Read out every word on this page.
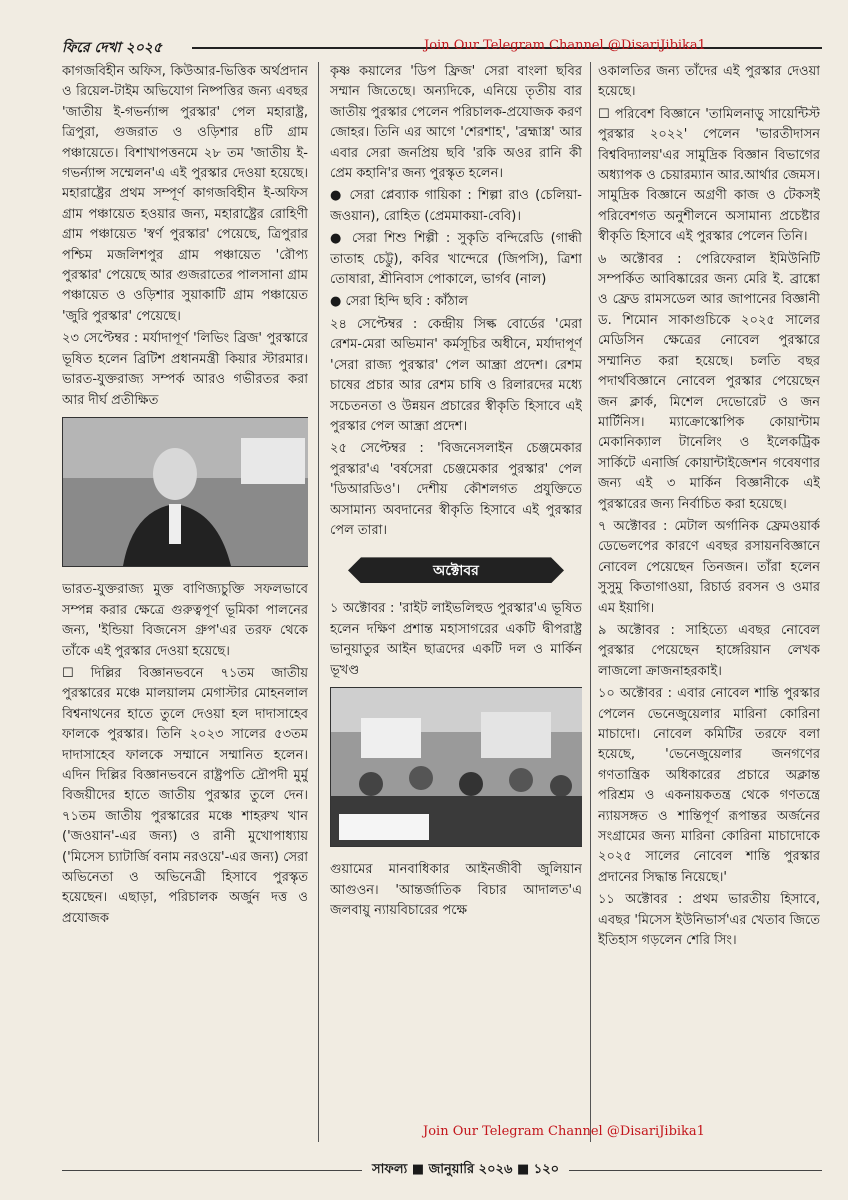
ফিরে দেখা ২০২৫	Join Our Telegram Channel @DisariJibika1

কাগজবিহীন অফিস, কিউআর-ভিত্তিক অর্থপ্রদান ও রিয়েল-টাইম অভিযোগ নিষ্পত্তির জন্য এবছর 'জাতীয় ই-গভর্ন্যান্স পুরস্কার' পেল মহারাষ্ট্র, ত্রিপুরা, গুজরাত ও ওড়িশার ৪টি গ্রাম পঞ্চায়েতে। বিশাখাপত্তনমে ২৮ তম 'জাতীয় ই-গভর্ন্যান্স সম্মেলন'এ এই পুরস্কার দেওয়া হয়েছে। মহারাষ্ট্রের প্রথম সম্পূর্ণ কাগজবিহীন ই-অফিস গ্রাম পঞ্চায়েত হওয়ার জন্য, মহারাষ্ট্রের রোহিণী গ্রাম পঞ্চায়েত 'স্বর্ণ পুরস্কার' পেয়েছে, ত্রিপুরার পশ্চিম মজলিশপুর গ্রাম পঞ্চায়েত 'রৌপ্য পুরস্কার' পেয়েছে আর গুজরাতের পালসানা গ্রাম পঞ্চায়েত ও ওড়িশার সুয়াকাটি গ্রাম পঞ্চায়েত 'জুরি পুরস্কার' পেয়েছে।

২৩ সেপ্টেম্বর : মর্যাদাপূর্ণ 'লিভিং ব্রিজ' পুরস্কারে ভূষিত হলেন ব্রিটিশ প্রধানমন্ত্রী কিয়ার স্টারমার। ভারত-যুক্তরাজ্য সম্পর্ক আরও গভীরতর করা আর দীর্ঘ প্রতীক্ষিত

ভারত-যুক্তরাজ্য মুক্ত বাণিজ্যচুক্তি সফলভাবে সম্পন্ন করার ক্ষেত্রে গুরুত্বপূর্ণ ভূমিকা পালনের জন্য, 'ইন্ডিয়া বিজনেস গ্রুপ'এর তরফ থেকে তাঁকে এই পুরস্কার দেওয়া হয়েছে।

☐ দিল্লির বিজ্ঞানভবনে ৭১তম জাতীয় পুরস্কারের মঞ্চে মালয়ালম মেগাস্টার মোহনলাল বিশ্বনাথনের হাতে তুলে দেওয়া হল দাদাসাহেব ফালকে পুরস্কার। তিনি ২০২৩ সালের ৫৩তম দাদাসাহেব ফালকে সম্মানে সম্মানিত হলেন। এদিন দিল্লির বিজ্ঞানভবনে রাষ্ট্রপতি দ্রৌপদী মুর্মু বিজয়ীদের হাতে জাতীয় পুরস্কার তুলে দেন। ৭১তম জাতীয় পুরস্কারের মঞ্চে শাহরুখ খান ('জওয়ান'-এর জন্য) ও রানী মুখোপাধ্যায় ('মিসেস চ্যাটার্জি বনাম নরওয়ে'-এর জন্য) সেরা অভিনেতা ও অভিনেত্রী হিসাবে পুরস্কৃত হয়েছেন। এছাড়া, পরিচালক অর্জুন দত্ত ও প্রযোজক

কৃষ্ণ কয়ালের 'ডিপ ফ্রিজ' সেরা বাংলা ছবির সম্মান জিতেছে। অন্যদিকে, এনিয়ে তৃতীয় বার জাতীয় পুরস্কার পেলেন পরিচালক-প্রযোজক করণ জোহর। তিনি এর আগে 'শেরশাহ', 'ব্রহ্মাস্ত্র' আর এবার সেরা জনপ্রিয় ছবি 'রকি অওর রানি কী প্রেম কহানি'র জন্য পুরস্কৃত হলেন।

● সেরা প্লেব্যাক গায়িকা : শিল্পা রাও (চেলিয়া-জওয়ান), রোহিত (প্রেমমাকয়া-বেবি)।

● সেরা শিশু শিল্পী : সুকৃতি বন্দিরেডি (গান্ধী তাতাহ চেট্টু), কবির খান্দেরে (জিপসি), ত্রিশা তোষারা, শ্রীনিবাস পোকালে, ভার্গব (নাল)

● সেরা হিন্দি ছবি : কাঁঠাল

২৪ সেপ্টেম্বর : কেন্দ্রীয় সিল্ক বোর্ডের 'মেরা রেশম-মেরা অভিমান' কর্মসূচির অধীনে, মর্যাদাপূর্ণ 'সেরা রাজ্য পুরস্কার' পেল আন্ধ্রা প্রদেশ। রেশম চাষের প্রচার আর রেশম চাষি ও রিলারদের মধ্যে সচেতনতা ও উন্নয়ন প্রচারের স্বীকৃতি হিসাবে এই পুরস্কার পেল আন্ধ্রা প্রদেশ।

২৫ সেপ্টেম্বর : 'বিজনেসলাইন চেঞ্জমেকার পুরস্কার'এ 'বর্ষসেরা চেঞ্জমেকার পুরস্কার' পেল 'ডিআরডিও'। দেশীয় কৌশলগত প্রযুক্তিতে অসামান্য অবদানের স্বীকৃতি হিসাবে এই পুরস্কার পেল তারা।

অক্টোবর

১ অক্টোবর : 'রাইট লাইভলিহুড পুরস্কার'এ ভূষিত হলেন দক্ষিণ প্রশান্ত মহাসাগরের একটি দ্বীপরাষ্ট্র ভানুয়াতুর আইন ছাত্রদের একটি দল ও মার্কিন ভূখণ্ড

গুয়ামের মানবাধিকার আইনজীবী জুলিয়ান আগুওন। 'আন্তর্জাতিক বিচার আদালত'এ জলবায়ু ন্যায়বিচারের পক্ষে

ওকালতির জন্য তাঁদের এই পুরস্কার দেওয়া হয়েছে।

☐ পরিবেশ বিজ্ঞানে 'তামিলনাড়ু সায়েন্টিস্ট পুরস্কার ২০২২' পেলেন 'ভারতীদাসন বিশ্ববিদ্যালয়'এর সামুদ্রিক বিজ্ঞান বিভাগের অধ্যাপক ও চেয়ারম্যান আর.আর্থার জেমস। সামুদ্রিক বিজ্ঞানে অগ্রণী কাজ ও টেকসই পরিবেশগত অনুশীলনে অসামান্য প্রচেষ্টার স্বীকৃতি হিসাবে এই পুরস্কার পেলেন তিনি।

৬ অক্টোবর : পেরিফেরাল ইমিউনিটি সম্পর্কিত আবিষ্কারের জন্য মেরি ই. ব্রাঙ্কো ও ফ্রেড রামসডেল আর জাপানের বিজ্ঞানী ড. শিমোন সাকাগুচিকে ২০২৫ সালের মেডিসিন ক্ষেত্রের নোবেল পুরস্কারে সম্মানিত করা হয়েছে। চলতি বছর পদার্থবিজ্ঞানে নোবেল পুরস্কার পেয়েছেন জন ক্লার্ক, মিশেল দেভোরেট ও জন মার্টিনিস। ম্যাক্রোস্কোপিক কোয়ান্টাম মেকানিক্যাল টানেলিং ও ইলেকট্রিক সার্কিটে এনার্জি কোয়ান্টাইজেশন গবেষণার জন্য এই ৩ মার্কিন বিজ্ঞানীকে এই পুরস্কারের জন্য নির্বাচিত করা হয়েছে।

৭ অক্টোবর : মেটাল অর্গানিক ফ্রেমওয়ার্ক ডেভেলপের কারণে এবছর রসায়নবিজ্ঞানে নোবেল পেয়েছেন তিনজন। তাঁরা হলেন সুসুমু কিতাগাওয়া, রিচার্ড রবসন ও ওমার এম ইয়াগি।

৯ অক্টোবর : সাহিত্যে এবছর নোবেল পুরস্কার পেয়েছেন হাঙ্গেরিয়ান লেখক লাজলো ক্রাজনাহরকাই।

১০ অক্টোবর : এবার নোবেল শান্তি পুরস্কার পেলেন ভেনেজুয়েলার মারিনা কোরিনা মাচাদো। নোবেল কমিটির তরফে বলা হয়েছে, 'ভেনেজুয়েলার জনগণের গণতান্ত্রিক অধিকারের প্রচারে অক্লান্ত পরিশ্রম ও একনায়কতন্ত্র থেকে গণতন্ত্রে ন্যায়সঙ্গত ও শান্তিপূর্ণ রূপান্তর অর্জনের সংগ্রামের জন্য মারিনা কোরিনা মাচাদোকে ২০২৫ সালের নোবেল শান্তি পুরস্কার প্রদানের সিদ্ধান্ত নিয়েছে।'

১১ অক্টোবর : প্রথম ভারতীয় হিসাবে, এবছর 'মিসেস ইউনিভার্স'এর খেতাব জিতে ইতিহাস গড়লেন শেরি সিং।

Join Our Telegram Channel @DisariJibika1
সাফল্য ■ জানুয়ারি ২০২৬ ■ ১২০
